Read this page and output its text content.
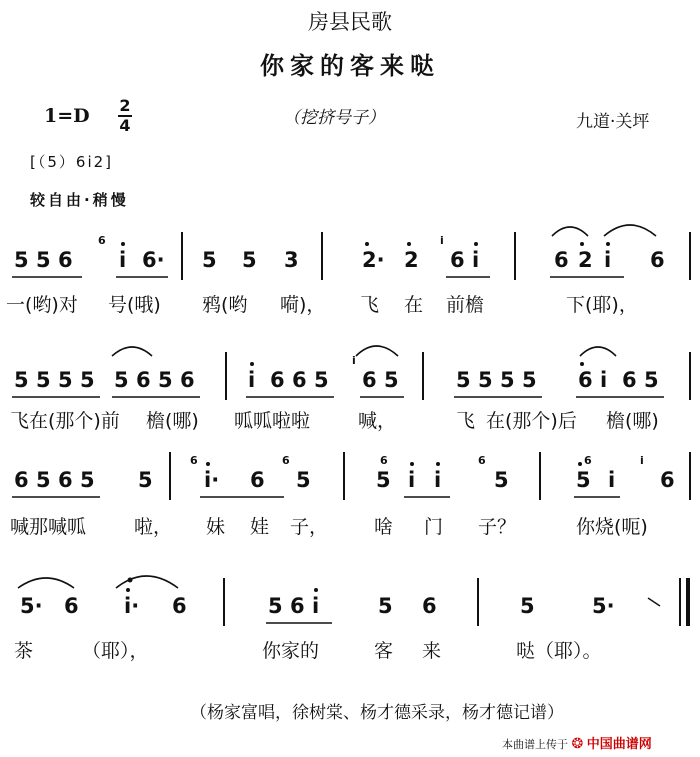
房县民歌
你家的客来哒
1=D 2
4	（挖挤号子）	九道·关坪
[（5）6i2]
较自由·稍慢
5 5 6 i 6· 5 5 3	2· 2 6 i	6 2 i 6
一(哟)对 号(哦) 鸦(哟 嗬)， 飞 在 前檐	下(耶)，
5 5 5 5 5 6 5 6	i 6 6 5 6 5	5 5 5 5 6 i 6 5
飞在(那个)前 檐(哪) 呱呱啦啦	喊，	飞 在(那个)后 檐(哪)
6 5 6 5 5 i· 6 5	5 i i	5	5 i 6
喊那喊呱	啦， 妹 娃 子， 啥 门 子？	你烧(呃)
5· 6 i· 6	5 6 i	5 6	5	5·
茶	（耶），	你家的	客 来	哒（耶）。
6	i
i
6	6	6	6	6	i
（杨家富唱，徐树棠、杨才德采录，杨才德记谱）
本曲谱上传于 ❂ 中国曲谱网
